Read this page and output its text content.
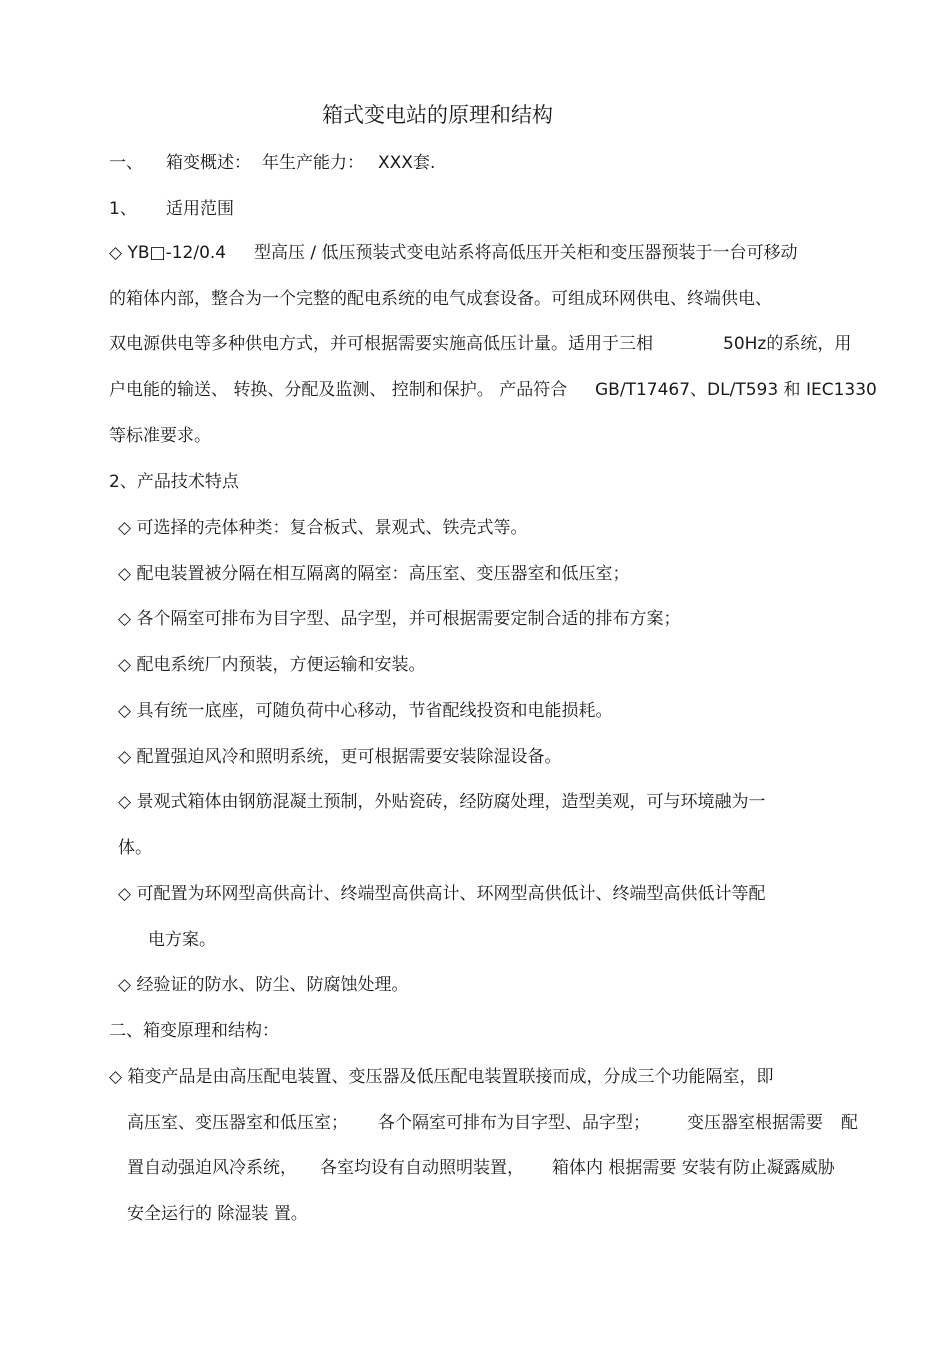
箱式变电站的原理和结构
一、 箱变概述： 年生产能力： XXX套.
1、 适用范围
◇ YB□-12/0.4 型高压 / 低压预装式变电站系将高低压开关柜和变压器预装于一台可移动
的箱体内部，整合为一个完整的配电系统的电气成套设备。可组成环网供电、终端供电、
双电源供电等多种供电方式，并可根据需要实施高低压计量。适用于三相	50Hz的系统，用
户电能的输送、 转换、分配及监测、 控制和保护。 产品符合 GB/T17467、DL/T593 和 IEC1330
等标准要求。
2、产品技术特点
◇ 可选择的壳体种类：复合板式、景观式、铁壳式等。
◇ 配电装置被分隔在相互隔离的隔室：高压室、变压器室和低压室；
◇ 各个隔室可排布为目字型、品字型，并可根据需要定制合适的排布方案；
◇ 配电系统厂内预装，方便运输和安装。
◇ 具有统一底座，可随负荷中心移动，节省配线投资和电能损耗。
◇ 配置强迫风冷和照明系统，更可根据需要安装除湿设备。
◇ 景观式箱体由钢筋混凝土预制，外贴瓷砖，经防腐处理，造型美观，可与环境融为一
体。
◇ 可配置为环网型高供高计、终端型高供高计、环网型高供低计、终端型高供低计等配
电方案。
◇ 经验证的防水、防尘、防腐蚀处理。
二、箱变原理和结构：
◇ 箱变产品是由高压配电装置、变压器及低压配电装置联接而成，分成三个功能隔室，即
高压室、变压器室和低压室； 各个隔室可排布为目字型、品字型； 变压器室根据需要 配
置自动强迫风冷系统， 各室均设有自动照明装置， 箱体内 根据需要 安装有防止凝露威胁
安全运行的 除湿装 置。
